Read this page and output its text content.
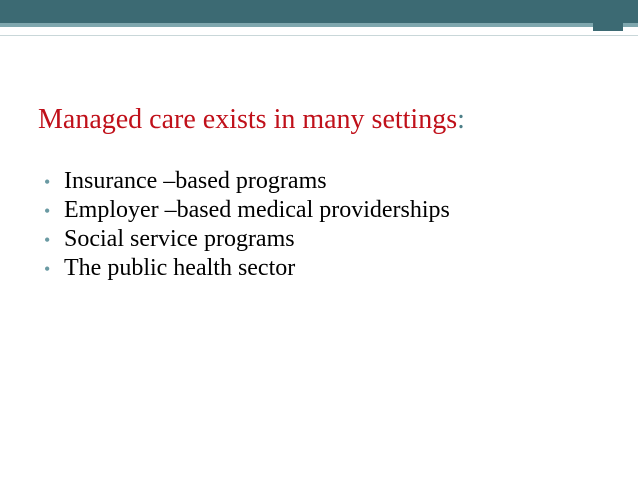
Managed care exists in many settings:
• Insurance –based programs
• Employer –based medical providerships
• Social service programs
• The public health sector
